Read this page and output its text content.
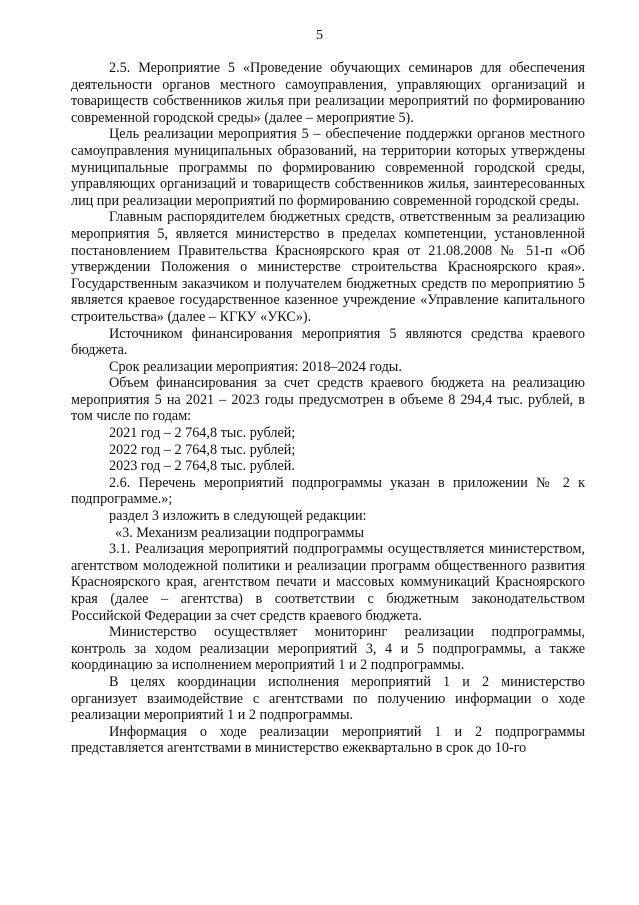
5

2.5. Мероприятие 5 «Проведение обучающих семинаров для обеспечения деятельности органов местного самоуправления, управляющих организаций и товариществ собственников жилья при реализации мероприятий по формированию современной городской среды» (далее – мероприятие 5).

Цель реализации мероприятия 5 – обеспечение поддержки органов местного самоуправления муниципальных образований, на территории которых утверждены муниципальные программы по формированию современной городской среды, управляющих организаций и товариществ собственников жилья, заинтересованных лиц при реализации мероприятий по формированию современной городской среды.

Главным распорядителем бюджетных средств, ответственным за реализацию мероприятия 5, является министерство в пределах компетенции, установленной постановлением Правительства Красноярского края от 21.08.2008 № 51-п «Об утверждении Положения о министерстве строительства Красноярского края». Государственным заказчиком и получателем бюджетных средств по мероприятию 5 является краевое государственное казенное учреждение «Управление капитального строительства» (далее – КГКУ «УКС»).

Источником финансирования мероприятия 5 являются средства краевого бюджета.

Срок реализации мероприятия: 2018–2024 годы.

Объем финансирования за счет средств краевого бюджета на реализацию мероприятия 5 на 2021 – 2023 годы предусмотрен в объеме 8 294,4 тыс. рублей, в том числе по годам:

2021 год – 2 764,8 тыс. рублей;

2022 год – 2 764,8 тыс. рублей;

2023 год – 2 764,8 тыс. рублей.

2.6. Перечень мероприятий подпрограммы указан в приложении № 2 к подпрограмме.»;

раздел 3 изложить в следующей редакции:

«3. Механизм реализации подпрограммы

3.1. Реализация мероприятий подпрограммы осуществляется министерством, агентством молодежной политики и реализации программ общественного развития Красноярского края, агентством печати и массовых коммуникаций Красноярского края (далее – агентства) в соответствии с бюджетным законодательством Российской Федерации за счет средств краевого бюджета.

Министерство осуществляет мониторинг реализации подпрограммы, контроль за ходом реализации мероприятий 3, 4 и 5 подпрограммы, а также координацию за исполнением мероприятий 1 и 2 подпрограммы.

В целях координации исполнения мероприятий 1 и 2 министерство организует взаимодействие с агентствами по получению информации о ходе реализации мероприятий 1 и 2 подпрограммы.

Информация о ходе реализации мероприятий 1 и 2 подпрограммы представляется агентствами в министерство ежеквартально в срок до 10-го
